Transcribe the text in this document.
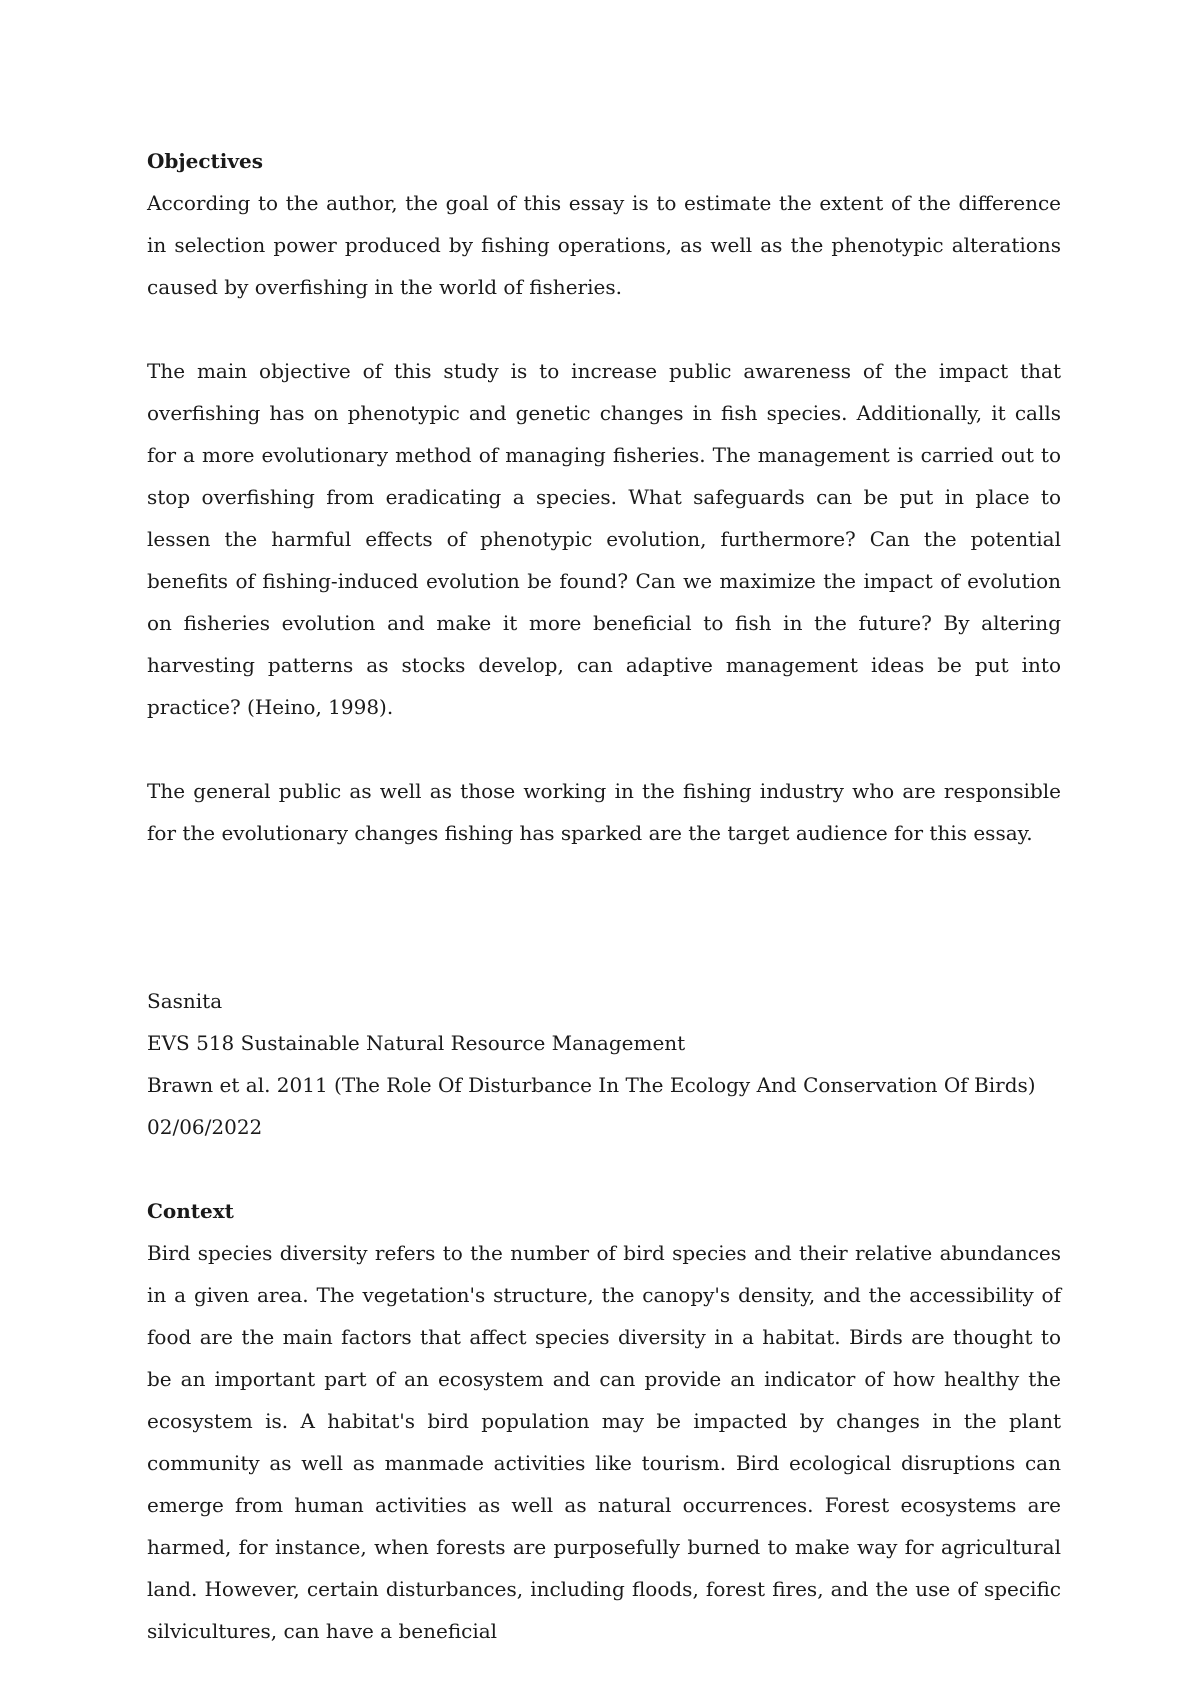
Objectives

According to the author, the goal of this essay is to estimate the extent of the difference in selection power produced by fishing operations, as well as the phenotypic alterations caused by overfishing in the world of fisheries.

The main objective of this study is to increase public awareness of the impact that overfishing has on phenotypic and genetic changes in fish species. Additionally, it calls for a more evolutionary method of managing fisheries. The management is carried out to stop overfishing from eradicating a species. What safeguards can be put in place to lessen the harmful effects of phenotypic evolution, furthermore? Can the potential benefits of fishing-induced evolution be found? Can we maximize the impact of evolution on fisheries evolution and make it more beneficial to fish in the future? By altering harvesting patterns as stocks develop, can adaptive management ideas be put into practice? (Heino, 1998).

The general public as well as those working in the fishing industry who are responsible for the evolutionary changes fishing has sparked are the target audience for this essay.

Sasnita

EVS 518 Sustainable Natural Resource Management

Brawn et al. 2011 (The Role Of Disturbance In The Ecology And Conservation Of Birds)

02/06/2022

Context

Bird species diversity refers to the number of bird species and their relative abundances in a given area. The vegetation's structure, the canopy's density, and the accessibility of food are the main factors that affect species diversity in a habitat. Birds are thought to be an important part of an ecosystem and can provide an indicator of how healthy the ecosystem is. A habitat's bird population may be impacted by changes in the plant community as well as manmade activities like tourism. Bird ecological disruptions can emerge from human activities as well as natural occurrences. Forest ecosystems are harmed, for instance, when forests are purposefully burned to make way for agricultural land. However, certain disturbances, including floods, forest fires, and the use of specific silvicultures, can have a beneficial
